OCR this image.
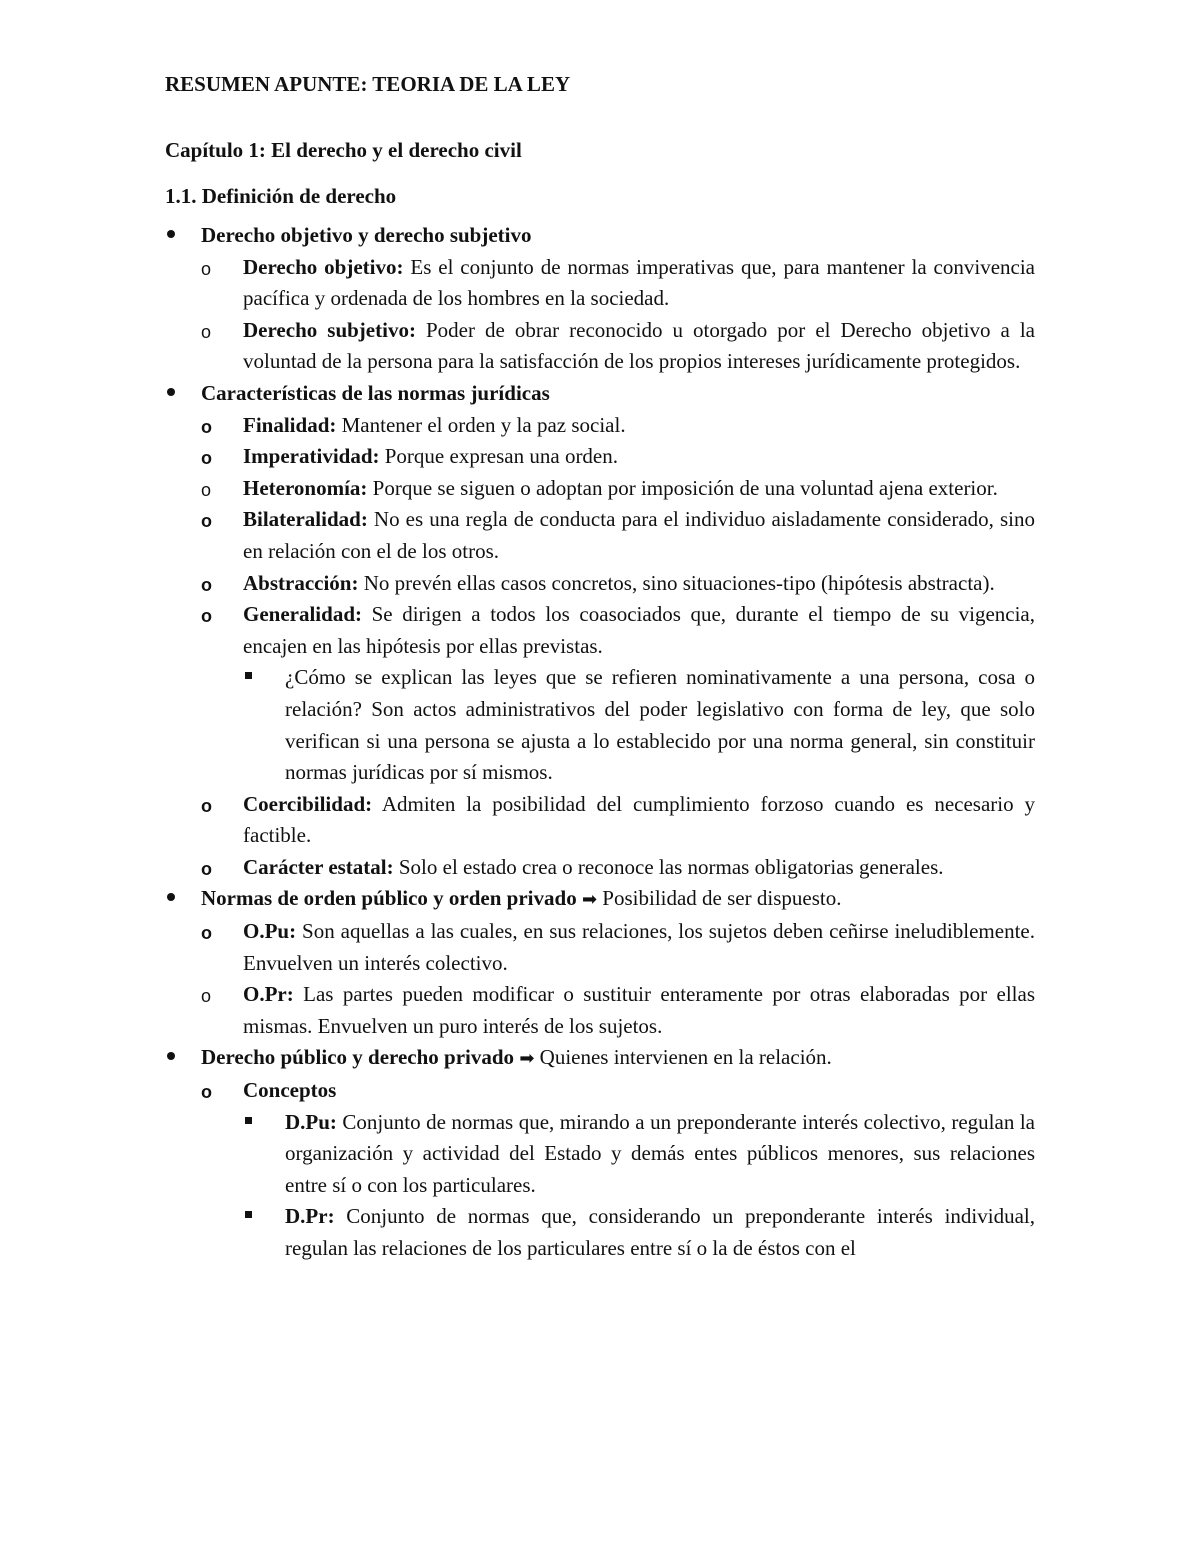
RESUMEN APUNTE: TEORIA DE LA LEY
Capítulo 1: El derecho y el derecho civil
1.1. Definición de derecho
Derecho objetivo y derecho subjetivo
o Derecho objetivo: Es el conjunto de normas imperativas que, para mantener la convivencia pacífica y ordenada de los hombres en la sociedad.
o Derecho subjetivo: Poder de obrar reconocido u otorgado por el Derecho objetivo a la voluntad de la persona para la satisfacción de los propios intereses jurídicamente protegidos.
Características de las normas jurídicas
o Finalidad: Mantener el orden y la paz social.
o Imperatividad: Porque expresan una orden.
o Heteronomía: Porque se siguen o adoptan por imposición de una voluntad ajena exterior.
o Bilateralidad: No es una regla de conducta para el individuo aisladamente considerado, sino en relación con el de los otros.
o Abstracción: No prevén ellas casos concretos, sino situaciones-tipo (hipótesis abstracta).
o Generalidad: Se dirigen a todos los coasociados que, durante el tiempo de su vigencia, encajen en las hipótesis por ellas previstas.
¿Cómo se explican las leyes que se refieren nominativamente a una persona, cosa o relación? Son actos administrativos del poder legislativo con forma de ley, que solo verifican si una persona se ajusta a lo establecido por una norma general, sin constituir normas jurídicas por sí mismos.
o Coercibilidad: Admiten la posibilidad del cumplimiento forzoso cuando es necesario y factible.
o Carácter estatal: Solo el estado crea o reconoce las normas obligatorias generales.
Normas de orden público y orden privado ➡ Posibilidad de ser dispuesto.
o O.Pu: Son aquellas a las cuales, en sus relaciones, los sujetos deben ceñirse ineludiblemente. Envuelven un interés colectivo.
o O.Pr: Las partes pueden modificar o sustituir enteramente por otras elaboradas por ellas mismas. Envuelven un puro interés de los sujetos.
Derecho público y derecho privado ➡ Quienes intervienen en la relación.
o Conceptos
D.Pu: Conjunto de normas que, mirando a un preponderante interés colectivo, regulan la organización y actividad del Estado y demás entes públicos menores, sus relaciones entre sí o con los particulares.
D.Pr: Conjunto de normas que, considerando un preponderante interés individual, regulan las relaciones de los particulares entre sí o la de éstos con el
